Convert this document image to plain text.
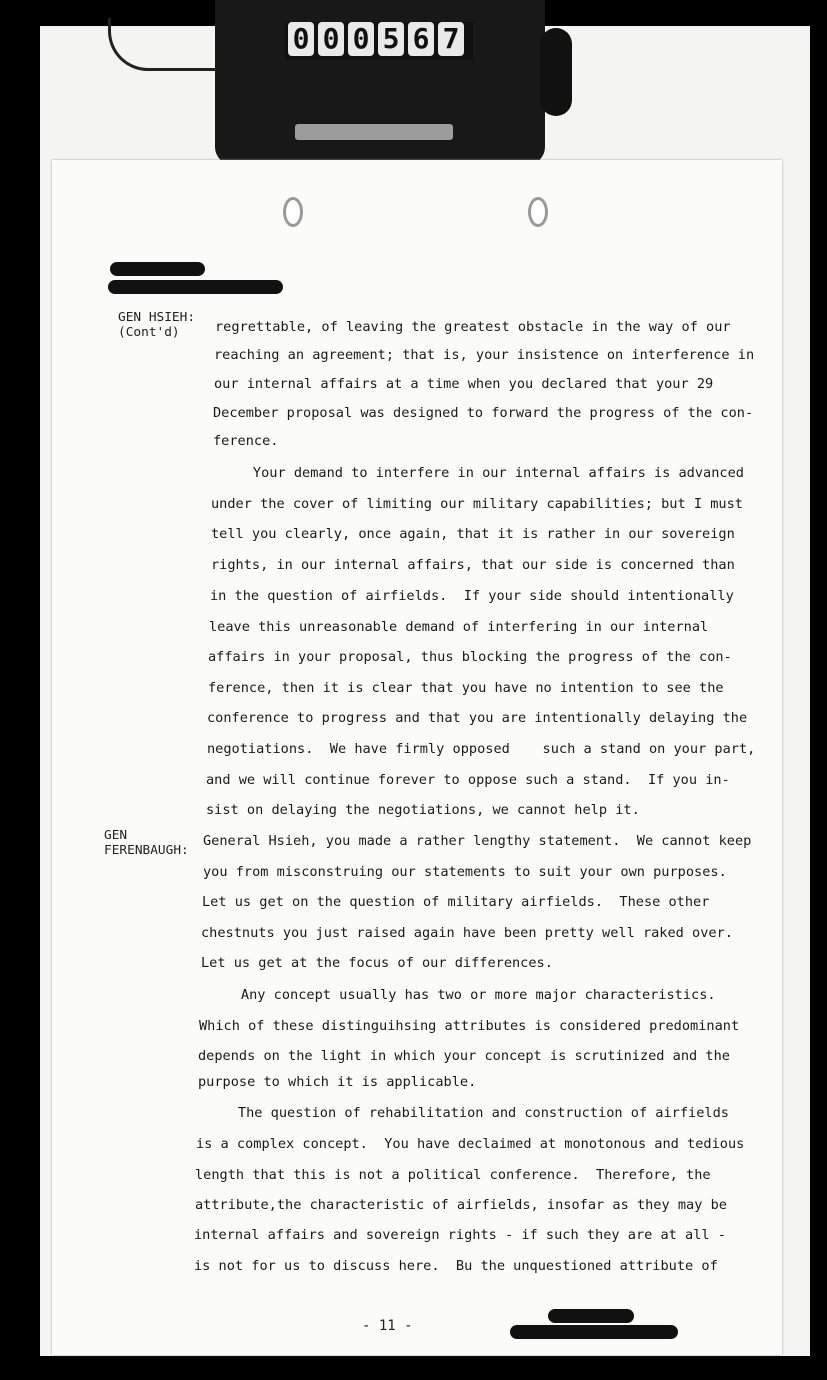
0 0 0 5 6 7
GEN HSIEH:
(Cont'd)
GEN
FERENBAUGH:
regrettable, of leaving the greatest obstacle in the way of our
reaching an agreement; that is, your insistence on interference in
our internal affairs at a time when you declared that your 29
December proposal was designed to forward the progress of the con-
ference.
Your demand to interfere in our internal affairs is advanced
under the cover of limiting our military capabilities; but I must
tell you clearly, once again, that it is rather in our sovereign
rights, in our internal affairs, that our side is concerned than
in the question of airfields.  If your side should intentionally
leave this unreasonable demand of interfering in our internal
affairs in your proposal, thus blocking the progress of the con-
ference, then it is clear that you have no intention to see the
conference to progress and that you are intentionally delaying the
negotiations.  We have firmly opposed    such a stand on your part,
and we will continue forever to oppose such a stand.  If you in-
sist on delaying the negotiations, we cannot help it.
General Hsieh, you made a rather lengthy statement.  We cannot keep
you from misconstruing our statements to suit your own purposes.
Let us get on the question of military airfields.  These other
chestnuts you just raised again have been pretty well raked over.
Let us get at the focus of our differences.
Any concept usually has two or more major characteristics.
Which of these distinguihsing attributes is considered predominant
depends on the light in which your concept is scrutinized and the
purpose to which it is applicable.
The question of rehabilitation and construction of airfields
is a complex concept.  You have declaimed at monotonous and tedious
length that this is not a political conference.  Therefore, the
attribute,the characteristic of airfields, insofar as they may be
internal affairs and sovereign rights - if such they are at all -
is not for us to discuss here.  Bu the unquestioned attribute of
- 11 -
